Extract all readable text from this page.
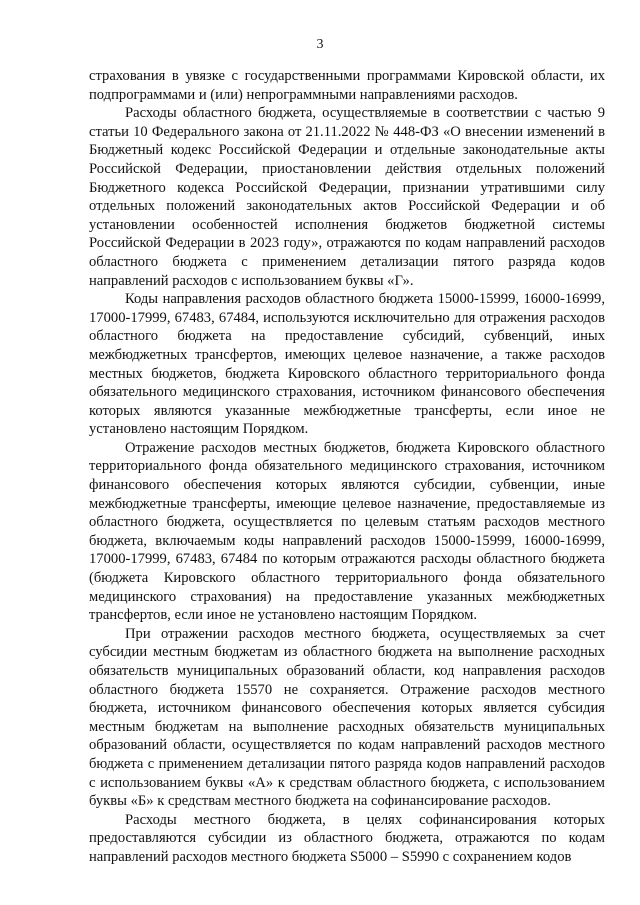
3

страхования в увязке с государственными программами Кировской области, их подпрограммами и (или) непрограммными направлениями расходов.

Расходы областного бюджета, осуществляемые в соответствии с частью 9 статьи 10 Федерального закона от 21.11.2022 № 448-ФЗ «О внесении изменений в Бюджетный кодекс Российской Федерации и отдельные законодательные акты Российской Федерации, приостановлении действия отдельных положений Бюджетного кодекса Российской Федерации, признании утратившими силу отдельных положений законодательных актов Российской Федерации и об установлении особенностей исполнения бюджетов бюджетной системы Российской Федерации в 2023 году», отражаются по кодам направлений расходов областного бюджета с применением детализации пятого разряда кодов направлений расходов с использованием буквы «Г».

Коды направления расходов областного бюджета 15000-15999, 16000-16999, 17000-17999, 67483, 67484, используются исключительно для отражения расходов областного бюджета на предоставление субсидий, субвенций, иных межбюджетных трансфертов, имеющих целевое назначение, а также расходов местных бюджетов, бюджета Кировского областного территориального фонда обязательного медицинского страхования, источником финансового обеспечения которых являются указанные межбюджетные трансферты, если иное не установлено настоящим Порядком.

Отражение расходов местных бюджетов, бюджета Кировского областного территориального фонда обязательного медицинского страхования, источником финансового обеспечения которых являются субсидии, субвенции, иные межбюджетные трансферты, имеющие целевое назначение, предоставляемые из областного бюджета, осуществляется по целевым статьям расходов местного бюджета, включаемым коды направлений расходов 15000-15999, 16000-16999, 17000-17999, 67483, 67484 по которым отражаются расходы областного бюджета (бюджета Кировского областного территориального фонда обязательного медицинского страхования) на предоставление указанных межбюджетных трансфертов, если иное не установлено настоящим Порядком.

При отражении расходов местного бюджета, осуществляемых за счет субсидии местным бюджетам из областного бюджета на выполнение расходных обязательств муниципальных образований области, код направления расходов областного бюджета 15570 не сохраняется. Отражение расходов местного бюджета, источником финансового обеспечения которых является субсидия местным бюджетам на выполнение расходных обязательств муниципальных образований области, осуществляется по кодам направлений расходов местного бюджета с применением детализации пятого разряда кодов направлений расходов с использованием буквы «А» к средствам областного бюджета, с использованием буквы «Б» к средствам местного бюджета на софинансирование расходов.

Расходы местного бюджета, в целях софинансирования которых предоставляются субсидии из областного бюджета, отражаются по кодам направлений расходов местного бюджета S5000 – S5990 с сохранением кодов
